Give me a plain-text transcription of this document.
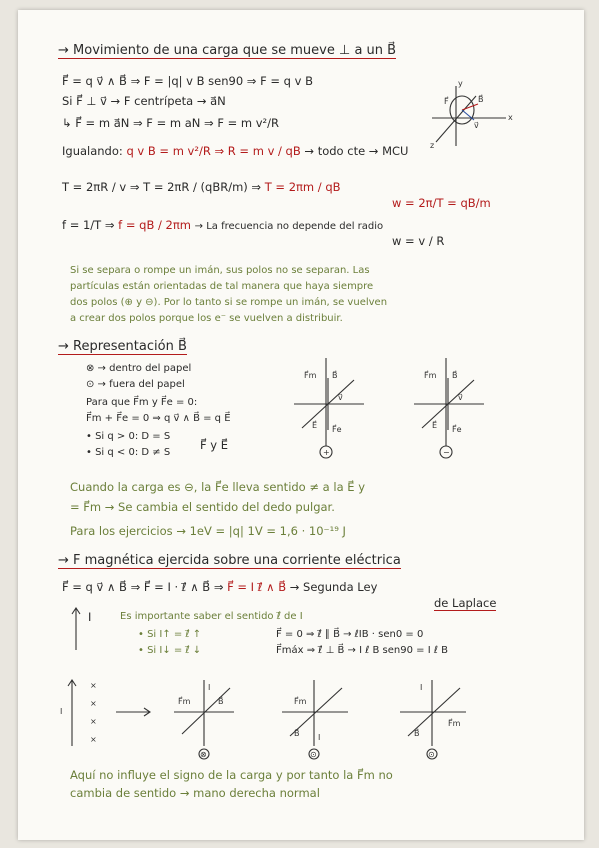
→ Movimiento de una carga que se mueve ⊥ a un B⃗
F⃗ = q v⃗ ∧ B⃗ ⇒ F = |q| v B sen90 ⇒ F = q v B
Si F⃗ ⊥ v⃗ → F centrípeta → a⃗N
↳ F⃗ = m a⃗N ⇒ F = m aN ⇒ F = m v²/R
Igualando: q v B = m v²/R ⇒ R = m v / qB → todo cte → MCU
T = 2πR / v ⇒ T = 2πR / (qBR/m) ⇒ T = 2πm / qB
w = 2π/T = qB/m
f = 1/T ⇒ f = qB / 2πm → La frecuencia no depende del radio
w = v / R
x
y
z
B⃗
v⃗
F⃗
Si se separa o rompe un imán, sus polos no se separan. Las
partículas están orientadas de tal manera que haya siempre
dos polos (⊕ y ⊖). Por lo tanto si se rompe un imán, se vuelven
a crear dos polos porque los e⁻ se vuelven a distribuir.
→ Representación B⃗
⊗ → dentro del papel
⊙ → fuera del papel
Para que F⃗m y F⃗e = 0:
F⃗m + F⃗e = 0 ⇒ q v⃗ ∧ B⃗ = q E⃗
• Si q > 0: D = S
• Si q < 0: D ≠ S
F⃗ y E⃗
F⃗m B⃗
E⃗ F⃗e
v⃗
+
F⃗m B⃗
E⃗ F⃗e
v⃗
−
Cuando la carga es ⊖, la F⃗e lleva sentido ≠ a la E⃗ y
= F⃗m → Se cambia el sentido del dedo pulgar.
Para los ejercicios → 1eV = |q| 1V = 1,6 · 10⁻¹⁹ J
→ F magnética ejercida sobre una corriente eléctrica
F⃗ = q v⃗ ∧ B⃗ ⇒ F⃗ = I · ℓ⃗ ∧ B⃗ ⇒ F⃗ = I ℓ⃗ ∧ B⃗ → Segunda Ley
de Laplace
I	Es importante saber el sentido ℓ⃗ de I
• Si I↑ = ℓ⃗ ↑
• Si I↓ = ℓ⃗ ↓
F⃗ = 0 ⇒ ℓ⃗ ∥ B⃗ → ℓIB · sen0 = 0
F⃗máx ⇒ ℓ⃗ ⊥ B⃗ → I ℓ B sen90 = I ℓ B
I
×
×
×
×
F⃗m
I
B⃗
⊗
F⃗m
I
B⃗
⊙
I
F⃗m
B⃗
⊙
Aquí no influye el signo de la carga y por tanto la F⃗m no
cambia de sentido → mano derecha normal
